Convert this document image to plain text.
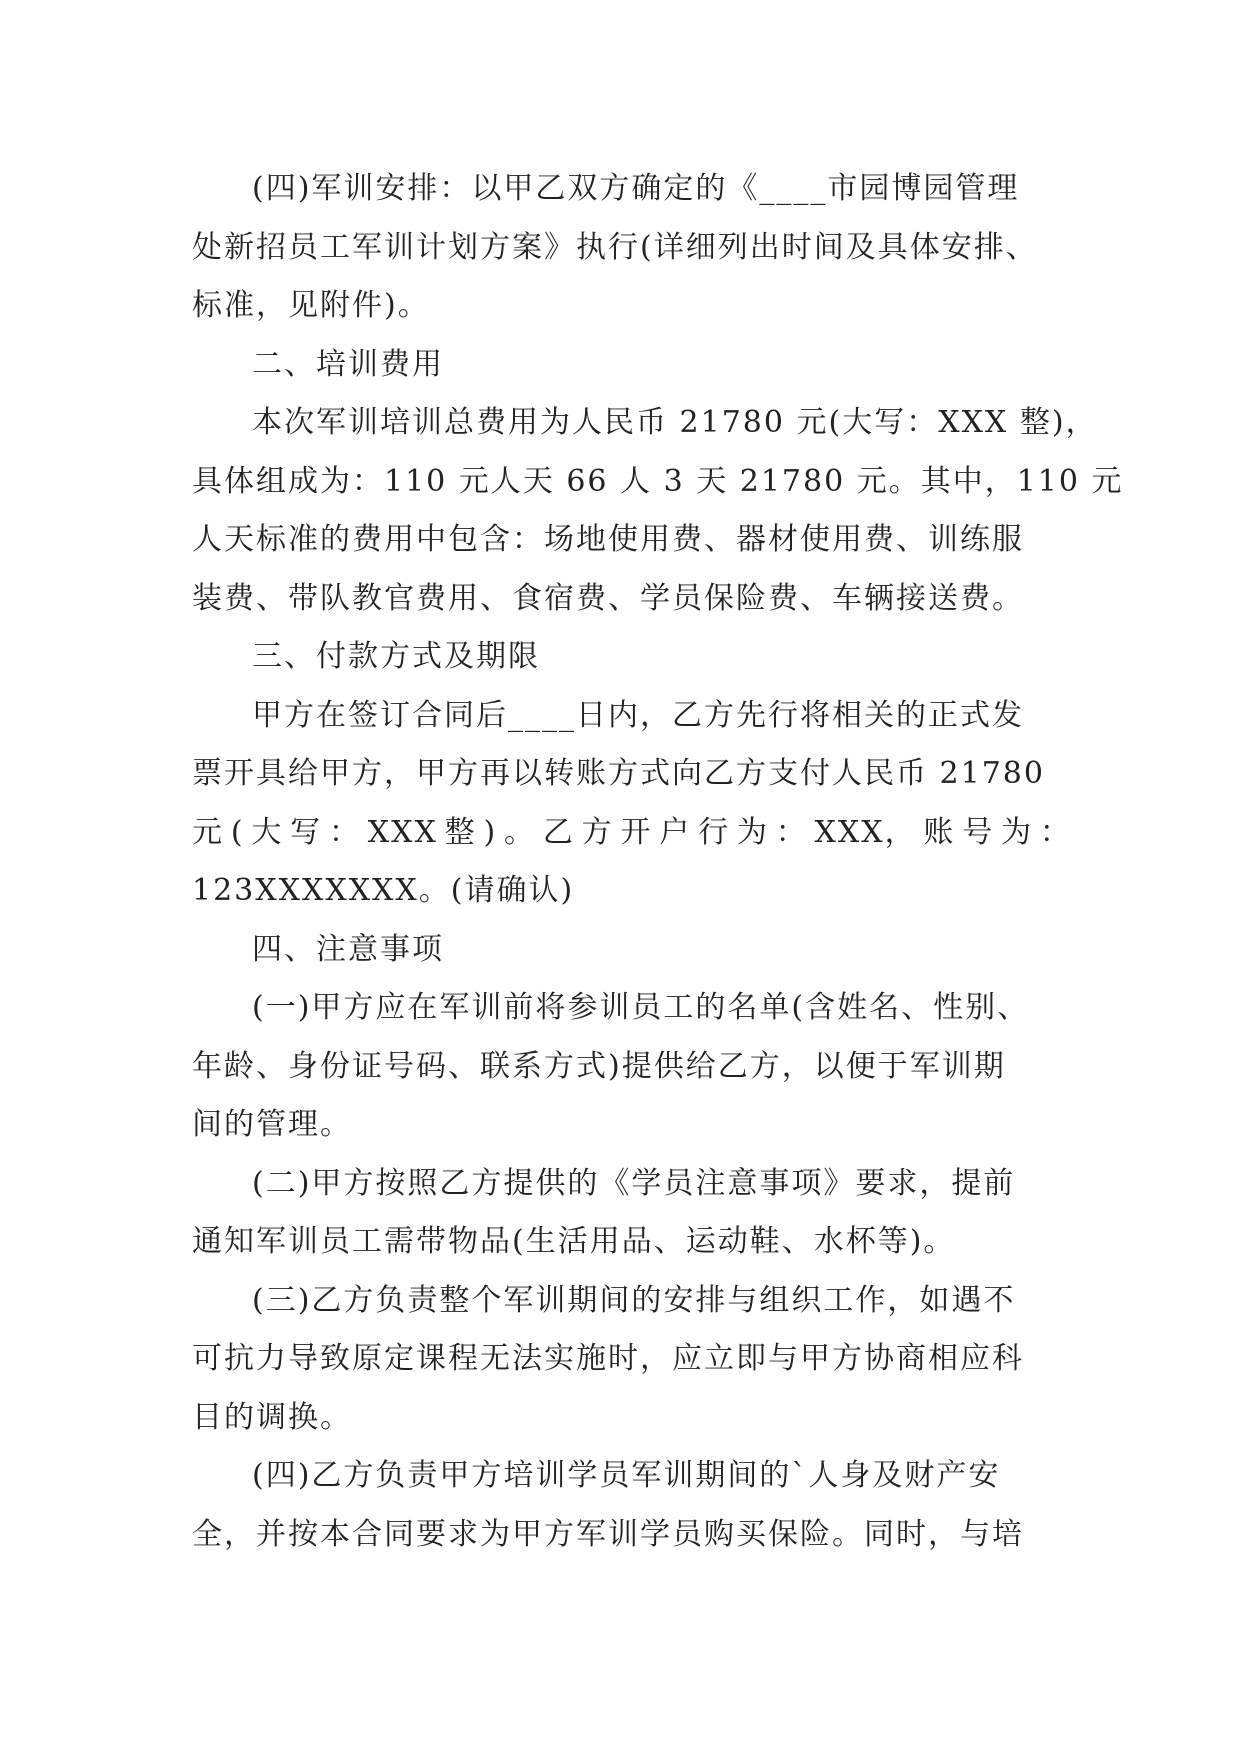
(四)军训安排：以甲乙双方确定的《____市园博园管理
处新招员工军训计划方案》执行(详细列出时间及具体安排、
标准，见附件)。
二、培训费用
本次军训培训总费用为人民币 21780 元(大写：XXX 整)，
具体组成为：110 元人天 66 人 3 天 21780 元。其中，110 元
人天标准的费用中包含：场地使用费、器材使用费、训练服
装费、带队教官费用、食宿费、学员保险费、车辆接送费。
三、付款方式及期限
甲方在签订合同后____日内，乙方先行将相关的正式发
票开具给甲方，甲方再以转账方式向乙方支付人民币 21780
元 ( 大 写 ： XXX 整 ) 。 乙 方 开 户 行 为 ： XXX， 账 号 为 ：
123XXXXXXX。(请确认)
四、注意事项
(一)甲方应在军训前将参训员工的名单(含姓名、性别、
年龄、身份证号码、联系方式)提供给乙方，以便于军训期
间的管理。
(二)甲方按照乙方提供的《学员注意事项》要求，提前
通知军训员工需带物品(生活用品、运动鞋、水杯等)。
(三)乙方负责整个军训期间的安排与组织工作，如遇不
可抗力导致原定课程无法实施时，应立即与甲方协商相应科
目的调换。
(四)乙方负责甲方培训学员军训期间的`人身及财产安
全，并按本合同要求为甲方军训学员购买保险。同时，与培
